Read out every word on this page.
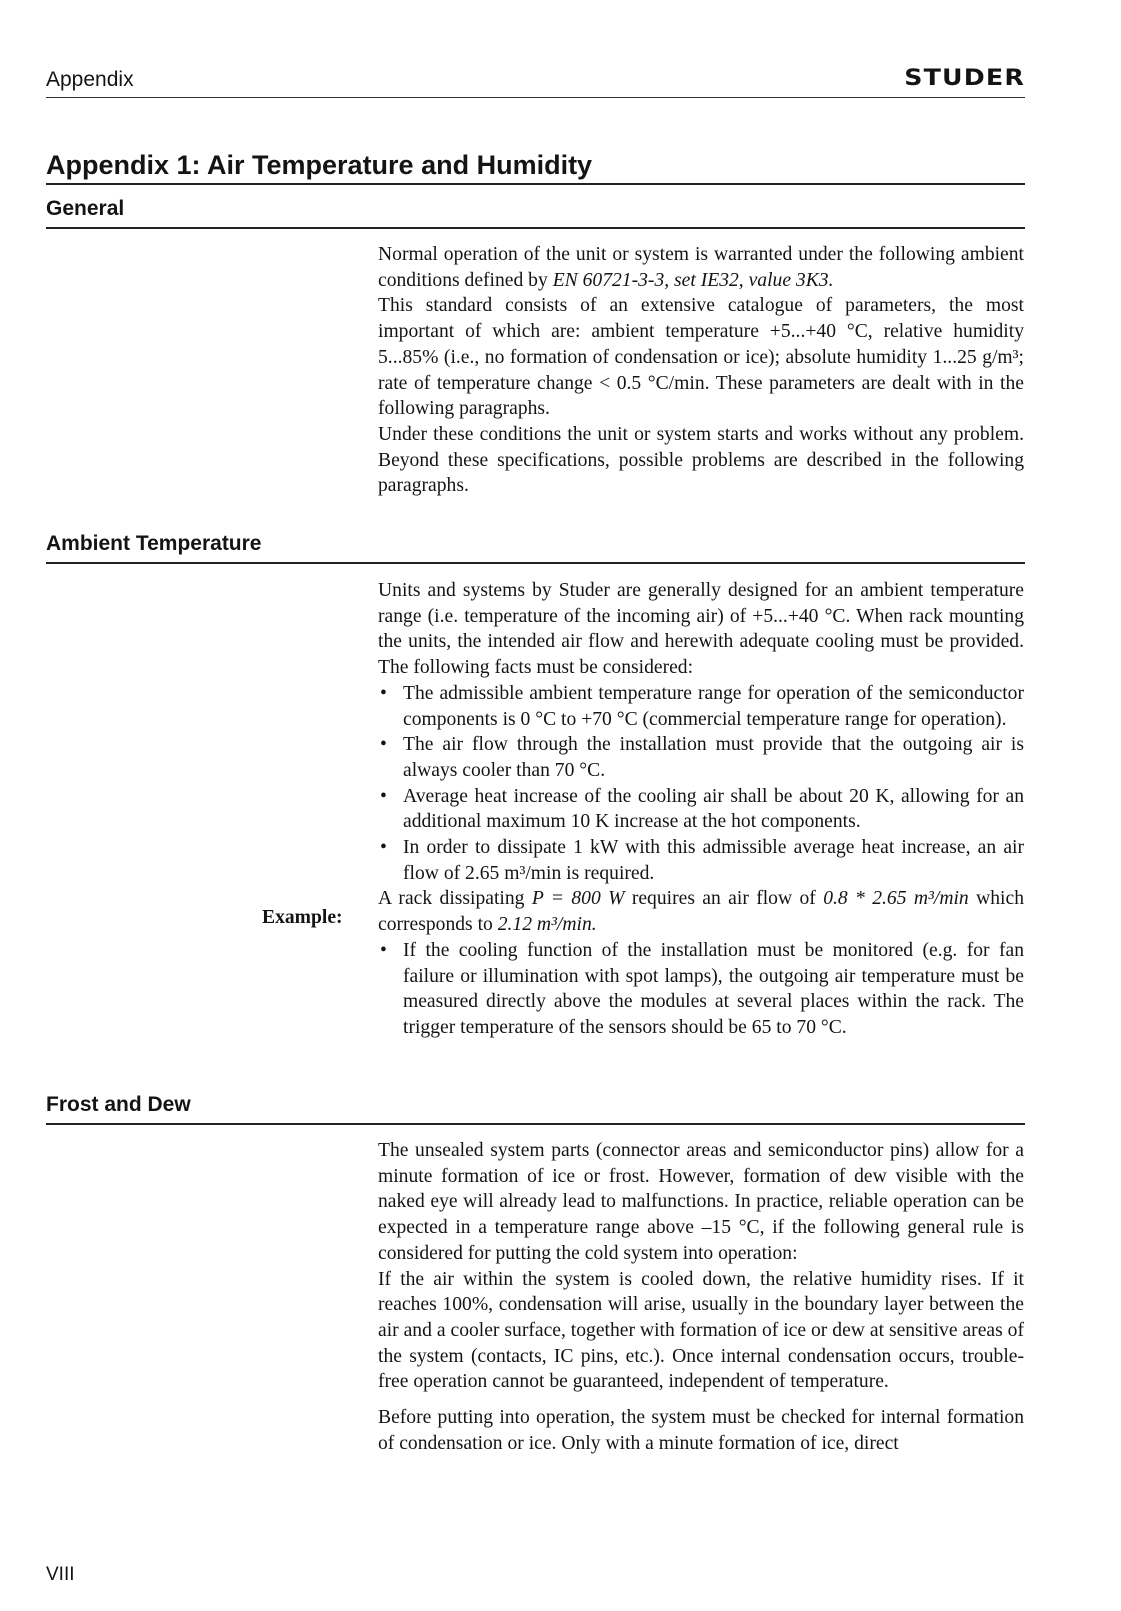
Appendix	STUDER
Appendix 1: Air Temperature and Humidity
General

Normal operation of the unit or system is warranted under the following ambient conditions defined by EN 60721-3-3, set IE32, value 3K3.

This standard consists of an extensive catalogue of parameters, the most important of which are: ambient temperature +5...+40 °C, relative humidity 5...85% (i.e., no formation of condensation or ice); absolute humidity 1...25 g/m³; rate of temperature change < 0.5 °C/min. These parameters are dealt with in the following paragraphs.

Under these conditions the unit or system starts and works without any problem. Beyond these specifications, possible problems are described in the following paragraphs.

Ambient Temperature

Units and systems by Studer are generally designed for an ambient temperature range (i.e. temperature of the incoming air) of +5...+40 °C. When rack mounting the units, the intended air flow and herewith adequate cooling must be provided. The following facts must be considered:

• The admissible ambient temperature range for operation of the semiconductor components is 0 °C to +70 °C (commercial temperature range for operation).
• The air flow through the installation must provide that the outgoing air is always cooler than 70 °C.
• Average heat increase of the cooling air shall be about 20 K, allowing for an additional maximum 10 K increase at the hot components.
• In order to dissipate 1 kW with this admissible average heat increase, an air flow of 2.65 m³/min is required.

A rack dissipating P = 800 W requires an air flow of 0.8 * 2.65 m³/min which corresponds to 2.12 m³/min.

• If the cooling function of the installation must be monitored (e.g. for fan failure or illumination with spot lamps), the outgoing air temperature must be measured directly above the modules at several places within the rack. The trigger temperature of the sensors should be 65 to 70 °C.
Example:
Frost and Dew

The unsealed system parts (connector areas and semiconductor pins) allow for a minute formation of ice or frost. However, formation of dew visible with the naked eye will already lead to malfunctions. In practice, reliable operation can be expected in a temperature range above –15 °C, if the following general rule is considered for putting the cold system into operation:

If the air within the system is cooled down, the relative humidity rises. If it reaches 100%, condensation will arise, usually in the boundary layer between the air and a cooler surface, together with formation of ice or dew at sensitive areas of the system (contacts, IC pins, etc.). Once internal condensation occurs, trouble-free operation cannot be guaranteed, independent of temperature.

Before putting into operation, the system must be checked for internal formation of condensation or ice. Only with a minute formation of ice, direct

VIII
